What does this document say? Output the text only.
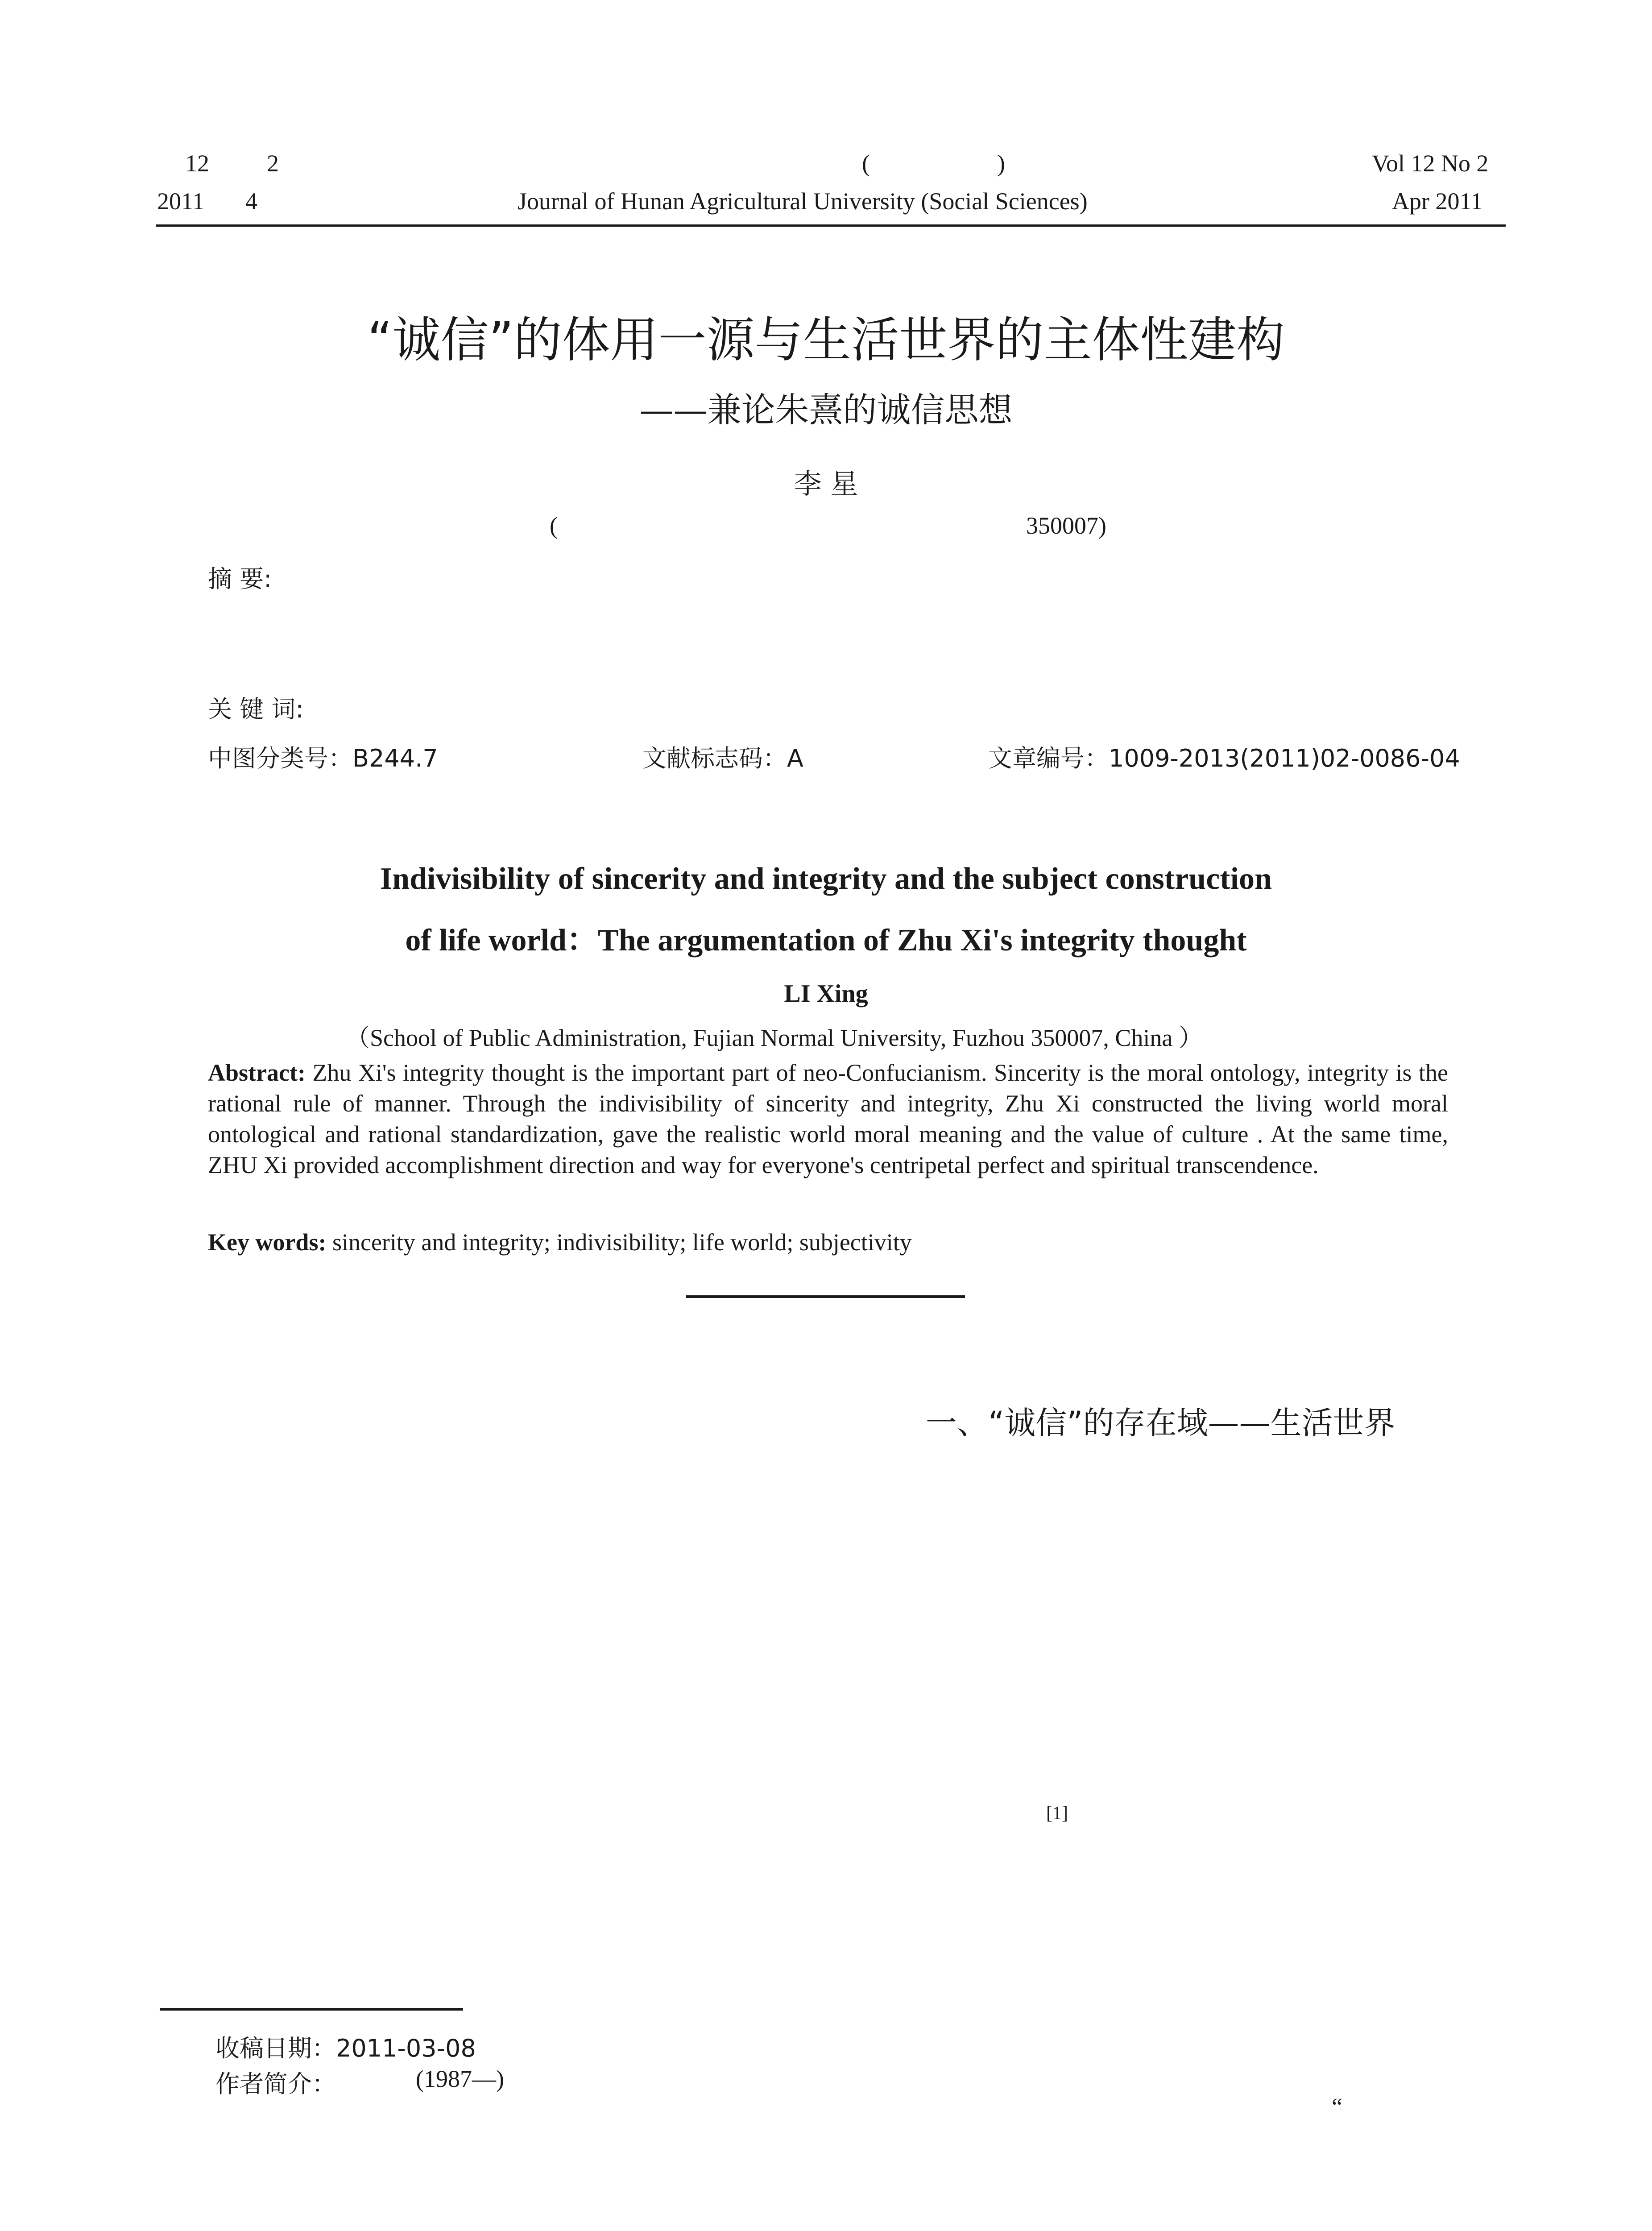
12 2
2011 4
(	)
Journal of Hunan Agricultural University (Social Sciences)
Vol 12 No 2
Apr 2011
“诚信”的体用一源与生活世界的主体性建构
——兼论朱熹的诚信思想
李 星
(	350007)
摘 要:
关 键 词:
中图分类号：B244.7	文献标志码：A	文章编号：1009-2013(2011)02-0086-04
Indivisibility of sincerity and integrity and the subject construction
of life world：The argumentation of Zhu Xi's integrity thought
LI Xing
（School of Public Administration, Fujian Normal University, Fuzhou 350007, China ）
Abstract: Zhu Xi's integrity thought is the important part of neo-Confucianism. Sincerity is the moral ontology, integrity is the rational rule of manner. Through the indivisibility of sincerity and integrity, Zhu Xi constructed the living world moral ontological and rational standardization, gave the realistic world moral meaning and the value of culture . At the same time, ZHU Xi provided accomplishment direction and way for everyone's centripetal perfect and spiritual transcendence.
Key words: sincerity and integrity; indivisibility; life world; subjectivity
一、“诚信”的存在域——生活世界
[1]
收稿日期：2011-03-08
作者简介：	(1987—)
“
